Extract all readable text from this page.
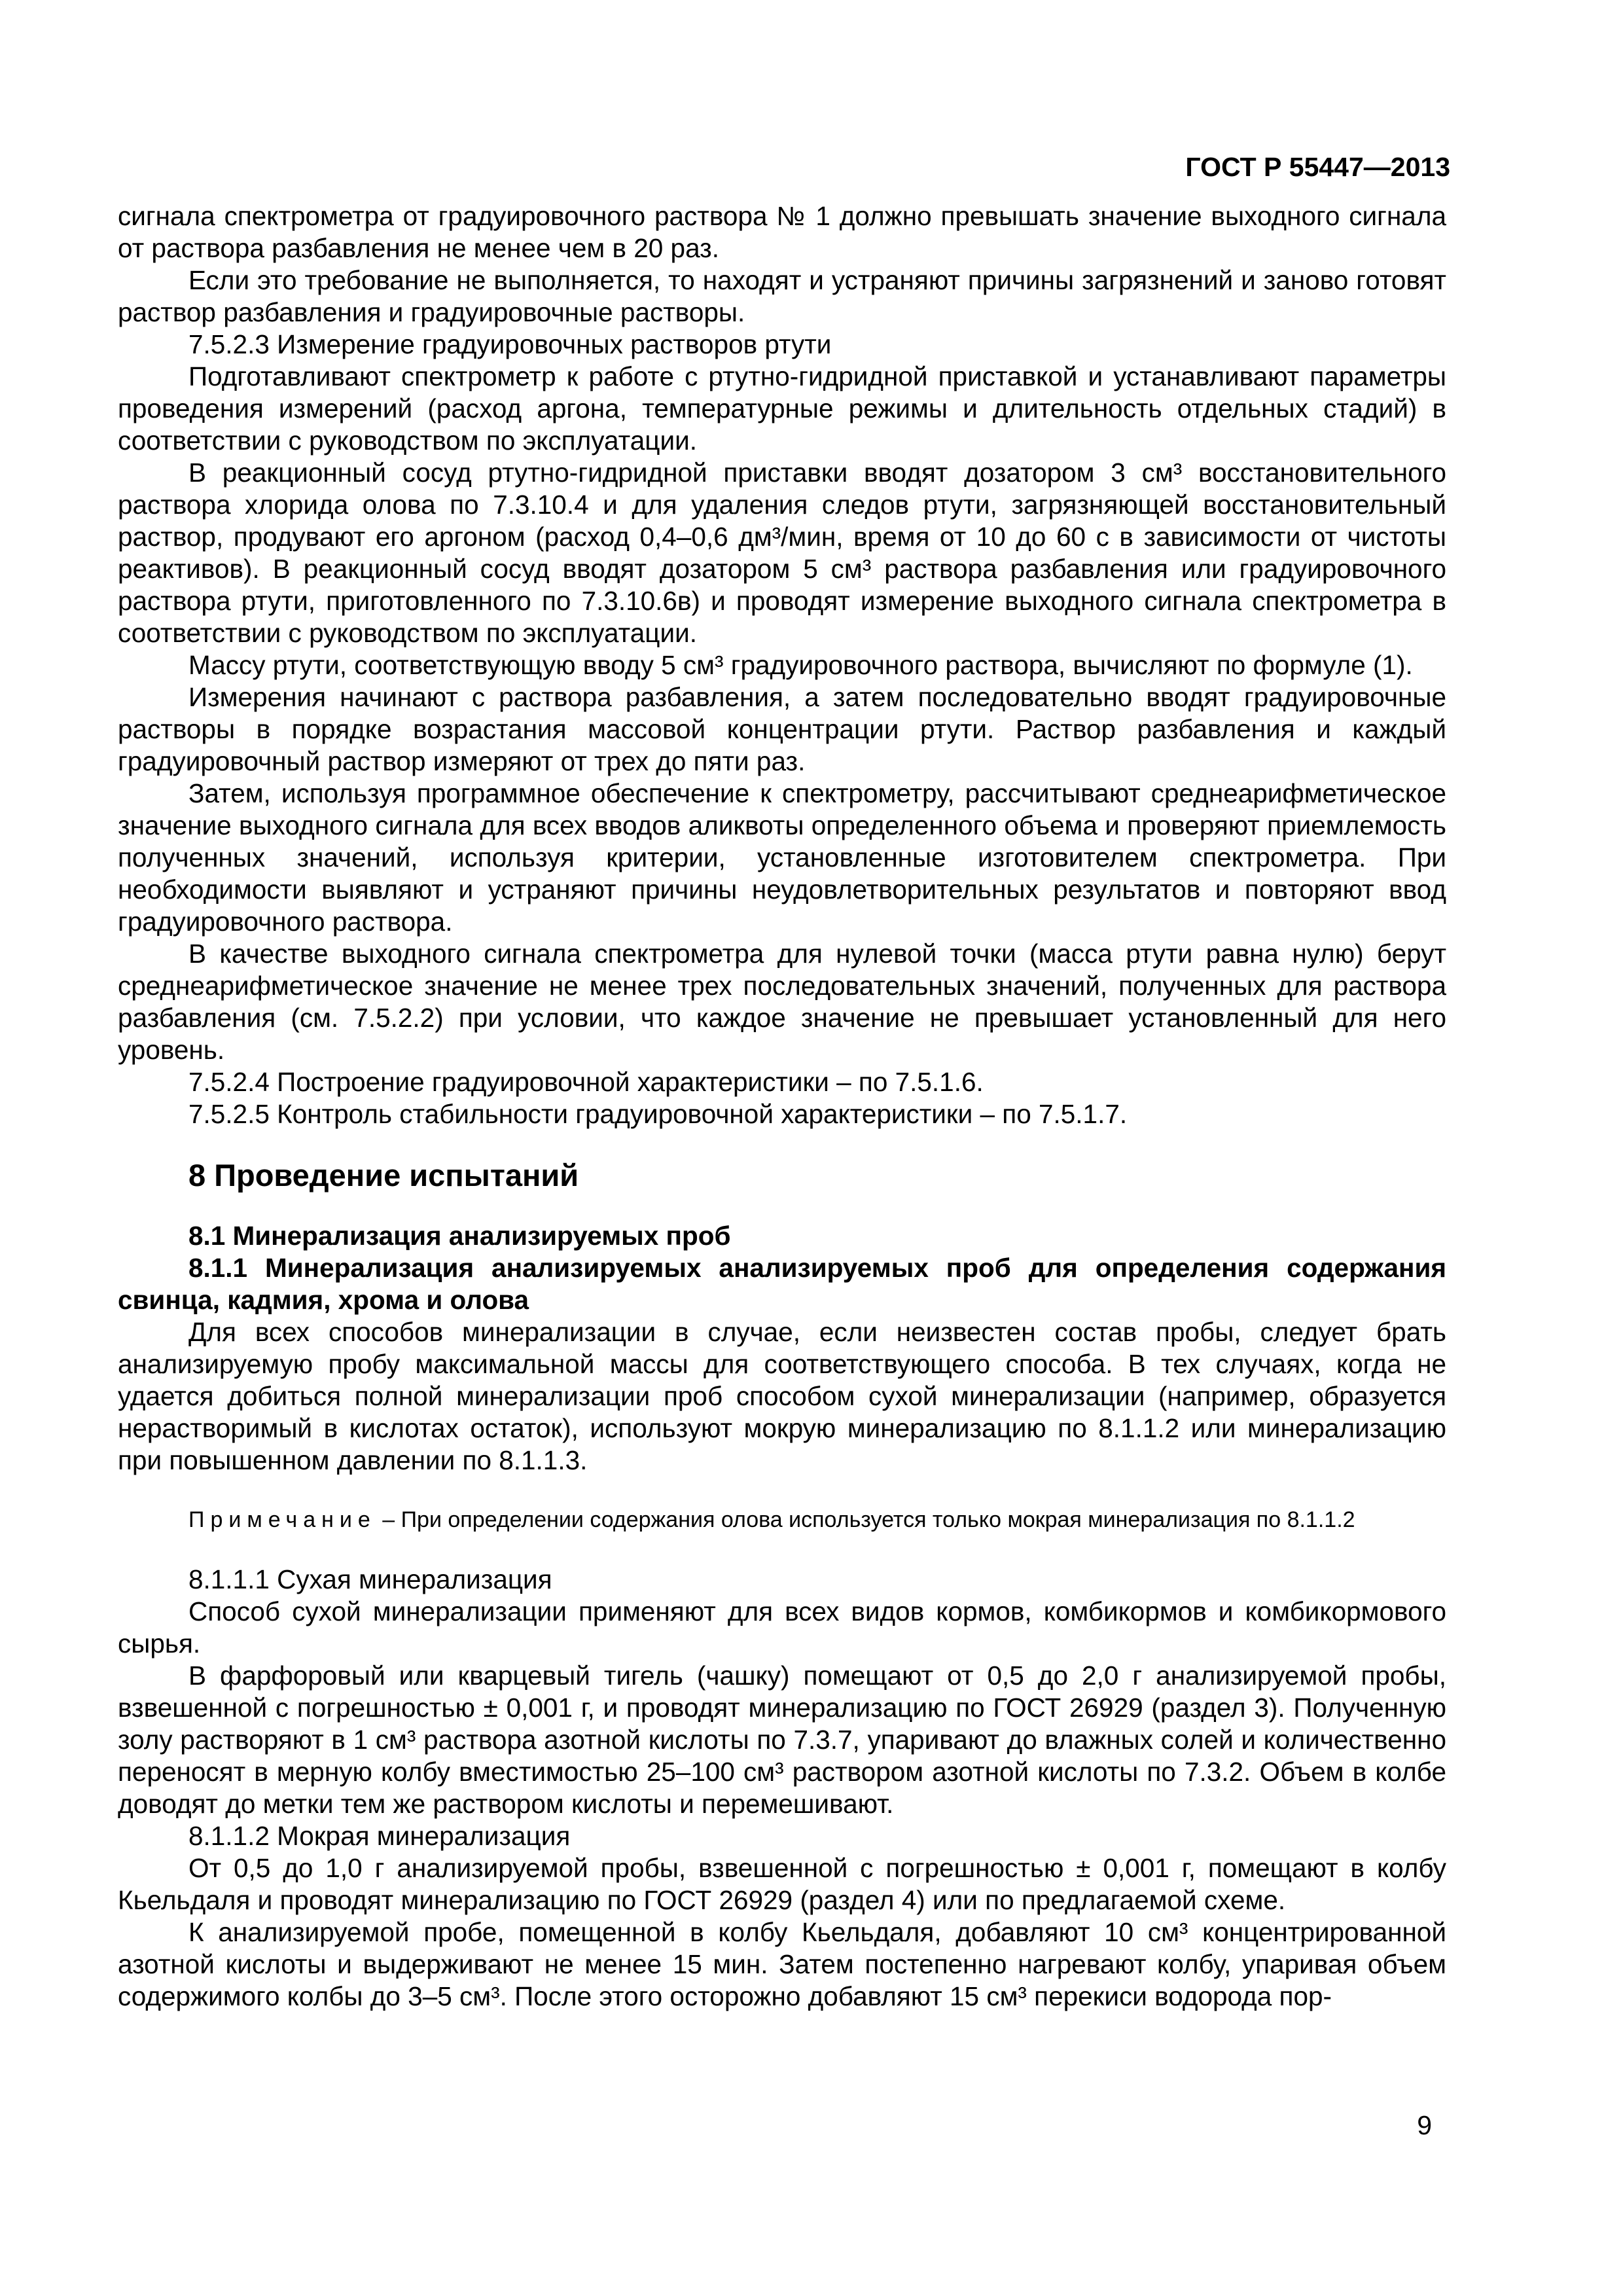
ГОСТ Р 55447—2013

сигнала спектрометра от градуировочного раствора № 1 должно превышать значение выходного сигнала от раствора разбавления не менее чем в 20 раз.

Если это требование не выполняется, то находят и устраняют причины загрязнений и заново готовят раствор разбавления и градуировочные растворы.

7.5.2.3 Измерение градуировочных растворов ртути

Подготавливают спектрометр к работе с ртутно-гидридной приставкой и устанавливают параметры проведения измерений (расход аргона, температурные режимы и длительность отдельных стадий) в соответствии с руководством по эксплуатации.

В реакционный сосуд ртутно-гидридной приставки вводят дозатором 3 см³ восстановительного раствора хлорида олова по 7.3.10.4 и для удаления следов ртути, загрязняющей восстановительный раствор, продувают его аргоном (расход 0,4–0,6 дм³/мин, время от 10 до 60 с в зависимости от чистоты реактивов). В реакционный сосуд вводят дозатором 5 см³ раствора разбавления или градуировочного раствора ртути, приготовленного по 7.3.10.6в) и проводят измерение выходного сигнала спектрометра в соответствии с руководством по эксплуатации.

Массу ртути, соответствующую вводу 5 см³ градуировочного раствора, вычисляют по формуле (1).

Измерения начинают с раствора разбавления, а затем последовательно вводят градуировочные растворы в порядке возрастания массовой концентрации ртути. Раствор разбавления и каждый градуировочный раствор измеряют от трех до пяти раз.

Затем, используя программное обеспечение к спектрометру, рассчитывают среднеарифметическое значение выходного сигнала для всех вводов аликвоты определенного объема и проверяют приемлемость полученных значений, используя критерии, установленные изготовителем спектрометра. При необходимости выявляют и устраняют причины неудовлетворительных результатов и повторяют ввод градуировочного раствора.

В качестве выходного сигнала спектрометра для нулевой точки (масса ртути равна нулю) берут среднеарифметическое значение не менее трех последовательных значений, полученных для раствора разбавления (см. 7.5.2.2) при условии, что каждое значение не превышает установленный для него уровень.

7.5.2.4 Построение градуировочной характеристики – по 7.5.1.6.

7.5.2.5 Контроль стабильности градуировочной характеристики – по 7.5.1.7.

8 Проведение испытаний

8.1 Минерализация анализируемых проб

8.1.1 Минерализация анализируемых анализируемых проб для определения содержания свинца, кадмия, хрома и олова

Для всех способов минерализации в случае, если неизвестен состав пробы, следует брать анализируемую пробу максимальной массы для соответствующего способа. В тех случаях, когда не удается добиться полной минерализации проб способом сухой минерализации (например, образуется нерастворимый в кислотах остаток), используют мокрую минерализацию по 8.1.1.2 или минерализацию при повышенном давлении по 8.1.1.3.

Примечание – При определении содержания олова используется только мокрая минерализация по 8.1.1.2

8.1.1.1 Сухая минерализация

Способ сухой минерализации применяют для всех видов кормов, комбикормов и комбикормового сырья.

В фарфоровый или кварцевый тигель (чашку) помещают от 0,5 до 2,0 г анализируемой пробы, взвешенной с погрешностью ± 0,001 г, и проводят минерализацию по ГОСТ 26929 (раздел 3). Полученную золу растворяют в 1 см³ раствора азотной кислоты по 7.3.7, упаривают до влажных солей и количественно переносят в мерную колбу вместимостью 25–100 см³ раствором азотной кислоты по 7.3.2. Объем в колбе доводят до метки тем же раствором кислоты и перемешивают.

8.1.1.2 Мокрая минерализация

От 0,5 до 1,0 г анализируемой пробы, взвешенной с погрешностью ± 0,001 г, помещают в колбу Кьельдаля и проводят минерализацию по ГОСТ 26929 (раздел 4) или по предлагаемой схеме.

К анализируемой пробе, помещенной в колбу Кьельдаля, добавляют 10 см³ концентрированной азотной кислоты и выдерживают не менее 15 мин. Затем постепенно нагревают колбу, упаривая объем содержимого колбы до 3–5 см³. После этого осторожно добавляют 15 см³ перекиси водорода пор-

9
